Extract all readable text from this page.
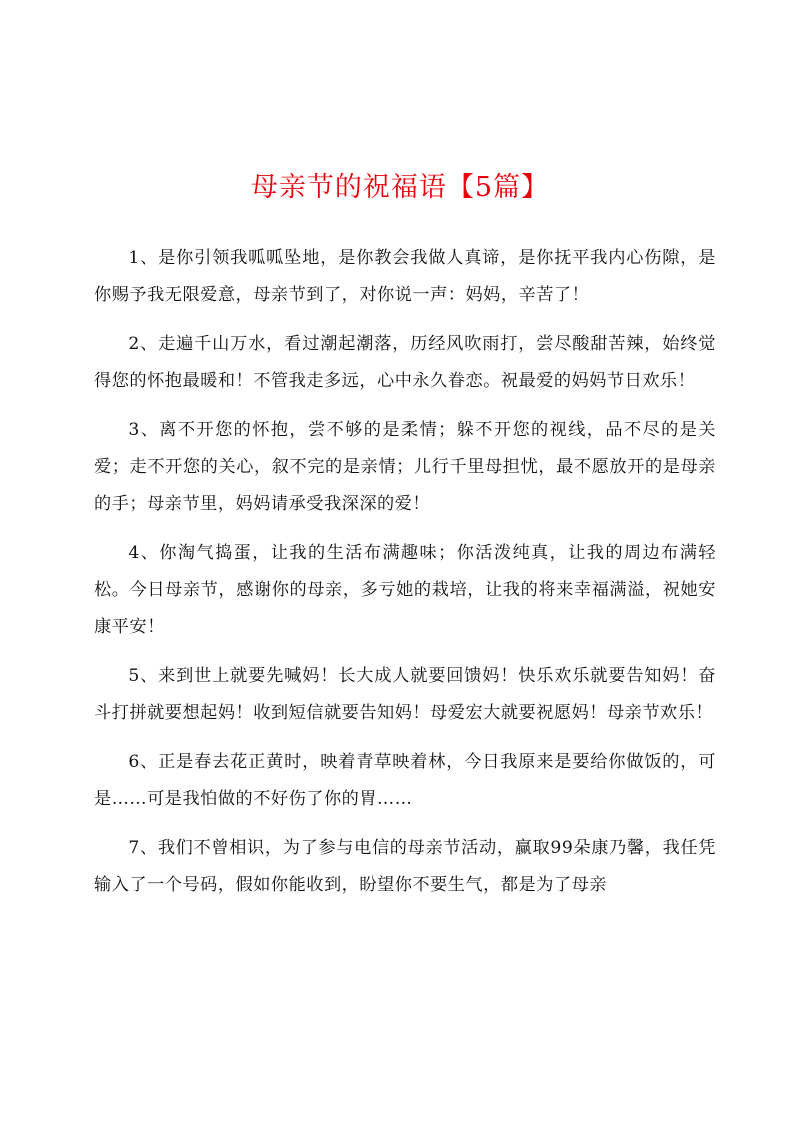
母亲节的祝福语【5篇】

1、是你引领我呱呱坠地，是你教会我做人真谛，是你抚平我内心伤隙，是你赐予我无限爱意，母亲节到了，对你说一声：妈妈，辛苦了！

2、走遍千山万水，看过潮起潮落，历经风吹雨打，尝尽酸甜苦辣，始终觉得您的怀抱最暖和！不管我走多远，心中永久眷恋。祝最爱的妈妈节日欢乐！

3、离不开您的怀抱，尝不够的是柔情；躲不开您的视线，品不尽的是关爱；走不开您的关心，叙不完的是亲情；儿行千里母担忧，最不愿放开的是母亲的手；母亲节里，妈妈请承受我深深的爱！

4、你淘气捣蛋，让我的生活布满趣味；你活泼纯真，让我的周边布满轻松。今日母亲节，感谢你的母亲，多亏她的栽培，让我的将来幸福满溢，祝她安康平安！

5、来到世上就要先喊妈！长大成人就要回馈妈！快乐欢乐就要告知妈！奋斗打拼就要想起妈！收到短信就要告知妈！母爱宏大就要祝愿妈！母亲节欢乐！

6、正是春去花正黄时，映着青草映着林，今日我原来是要给你做饭的，可是……可是我怕做的不好伤了你的胃……

7、我们不曾相识，为了参与电信的母亲节活动，赢取99朵康乃馨，我任凭输入了一个号码，假如你能收到，盼望你不要生气，都是为了母亲
